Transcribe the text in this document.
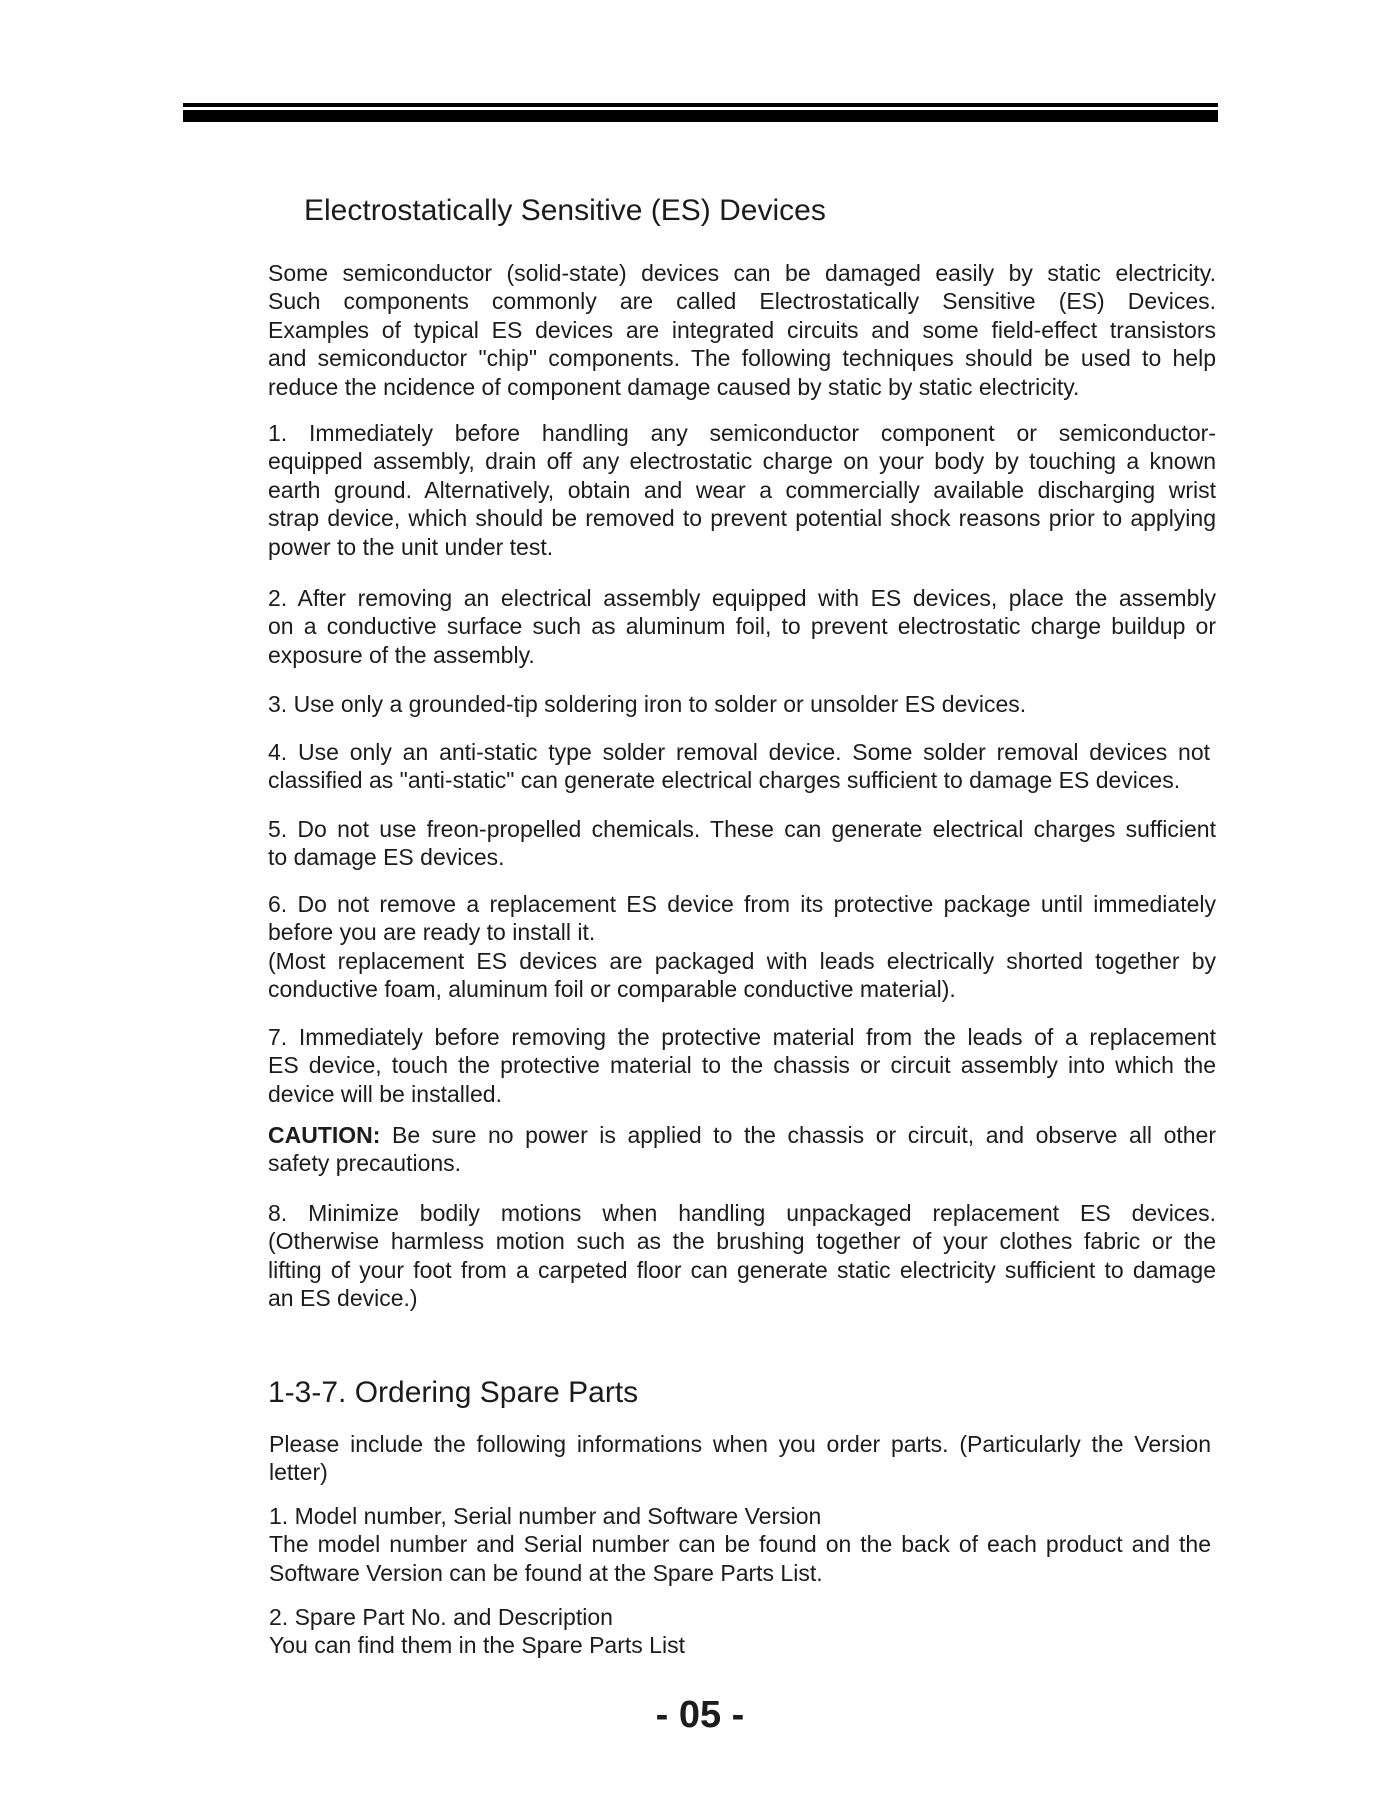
Electrostatically Sensitive (ES) Devices
Some semiconductor (solid-state) devices can be damaged easily by static electricity.
Such components commonly are called Electrostatically Sensitive (ES) Devices.
Examples of typical ES devices are integrated circuits and some field-effect transistors
and semiconductor "chip" components. The following techniques should be used to help
reduce the ncidence of component damage caused by static by static electricity.
1. Immediately before handling any semiconductor component or semiconductor-
equipped assembly, drain off any electrostatic charge on your body by touching a known
earth ground. Alternatively, obtain and wear a commercially available discharging wrist
strap device, which should be removed to prevent potential shock reasons prior to applying
power to the unit under test.
2. After removing an electrical assembly equipped with ES devices, place the assembly
on a conductive surface such as aluminum foil, to prevent electrostatic charge buildup or
exposure of the assembly.
3. Use only a grounded-tip soldering iron to solder or unsolder ES devices.
4. Use only an anti-static type solder removal device. Some solder removal devices not
classified as "anti-static" can generate electrical charges sufficient to damage ES devices.
5. Do not use freon-propelled chemicals. These can generate electrical charges sufficient
to damage ES devices.
6. Do not remove a replacement ES device from its protective package until immediately
before you are ready to install it.
(Most replacement ES devices are packaged with leads electrically shorted together by
conductive foam, aluminum foil or comparable conductive material).
7. Immediately before removing the protective material from the leads of a replacement
ES device, touch the protective material to the chassis or circuit assembly into which the
device will be installed.
CAUTION: Be sure no power is applied to the chassis or circuit, and observe all other
safety precautions.
8. Minimize bodily motions when handling unpackaged replacement ES devices.
(Otherwise harmless motion such as the brushing together of your clothes fabric or the
lifting of your foot from a carpeted floor can generate static electricity sufficient to damage
an ES device.)
1-3-7. Ordering Spare Parts
Please include the following informations when you order parts. (Particularly the Version
letter)
1. Model number, Serial number and Software Version
The model number and Serial number can be found on the back of each product and the
Software Version can be found at the Spare Parts List.
2. Spare Part No. and Description
You can find them in the Spare Parts List
- 05 -
